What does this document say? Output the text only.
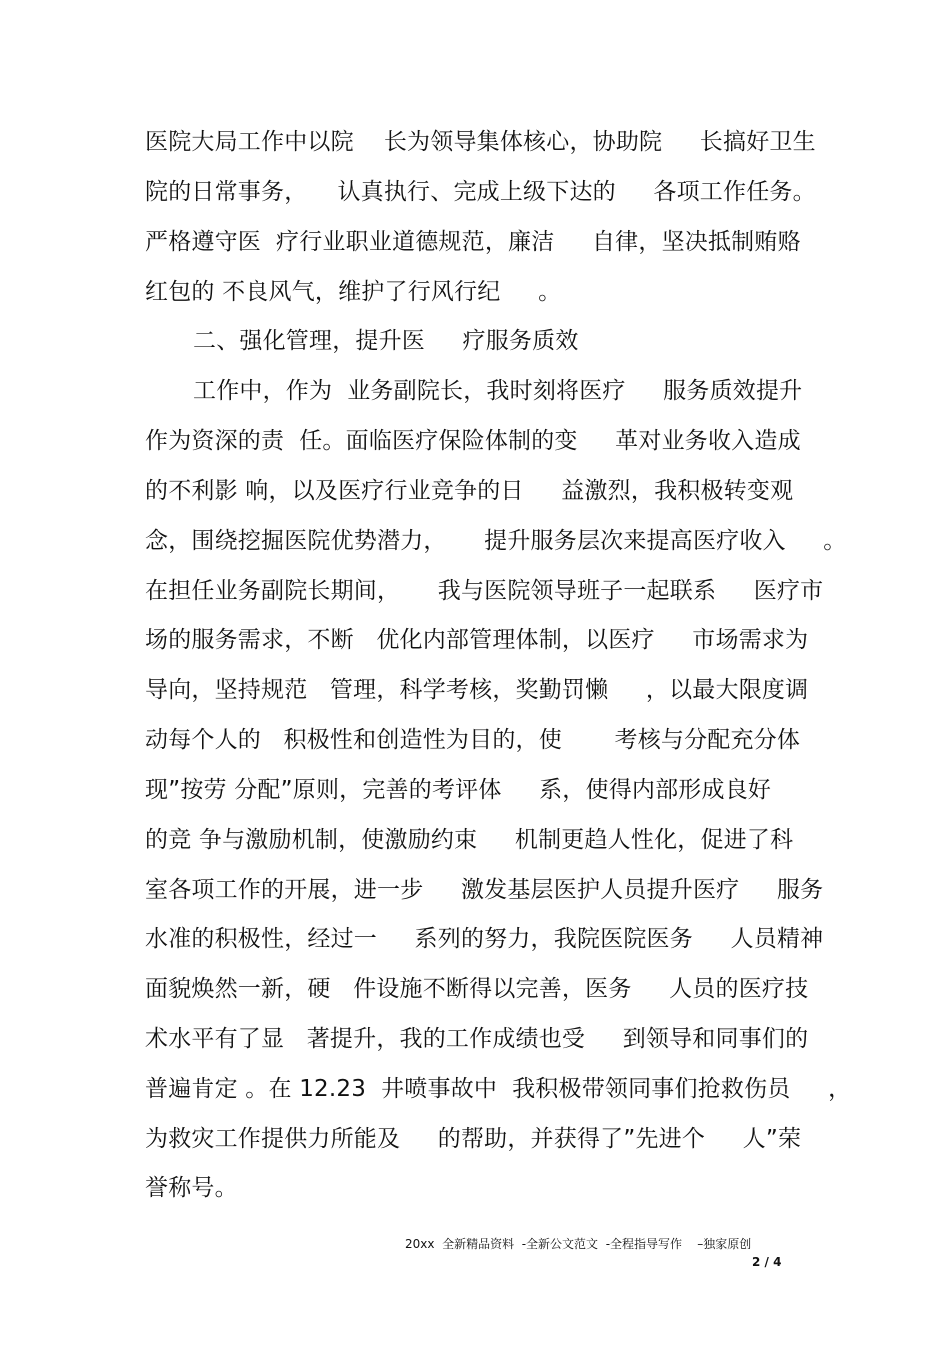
医院大局工作中以院    长为领导集体核心，协助院     长搞好卫生
院的日常事务，    认真执行、完成上级下达的     各项工作任务。
严格遵守医  疗行业职业道德规范，廉洁     自律，坚决抵制贿赂
红包的 不良风气，维护了行风行纪     。
二、强化管理，提升医     疗服务质效
工作中，作为  业务副院长，我时刻将医疗     服务质效提升
作为资深的责  任。面临医疗保险体制的变     革对业务收入造成
的不利影 响，以及医疗行业竞争的日     益激烈，我积极转变观
念，围绕挖掘医院优势潜力，     提升服务层次来提高医疗收入     。
在担任业务副院长期间，     我与医院领导班子一起联系     医疗市
场的服务需求，不断   优化内部管理体制，以医疗     市场需求为
导向，坚持规范   管理，科学考核，奖勤罚懒     ，以最大限度调
动每个人的   积极性和创造性为目的，使       考核与分配充分体
现”按劳 分配”原则，完善的考评体     系，使得内部形成良好
的竞 争与激励机制，使激励约束     机制更趋人性化，促进了科
室各项工作的开展，进一步     激发基层医护人员提升医疗     服务
水准的积极性，经过一     系列的努力，我院医院医务     人员精神
面貌焕然一新，硬   件设施不断得以完善，医务     人员的医疗技
术水平有了显   著提升，我的工作成绩也受     到领导和同事们的
普遍肯定 。在 12.23  井喷事故中  我积极带领同事们抢救伤员     ，
为救灾工作提供力所能及     的帮助，并获得了”先进个     人”荣
誉称号。
20xx  全新精品资料  -全新公文范文  -全程指导写作    –独家原创
2 / 4
